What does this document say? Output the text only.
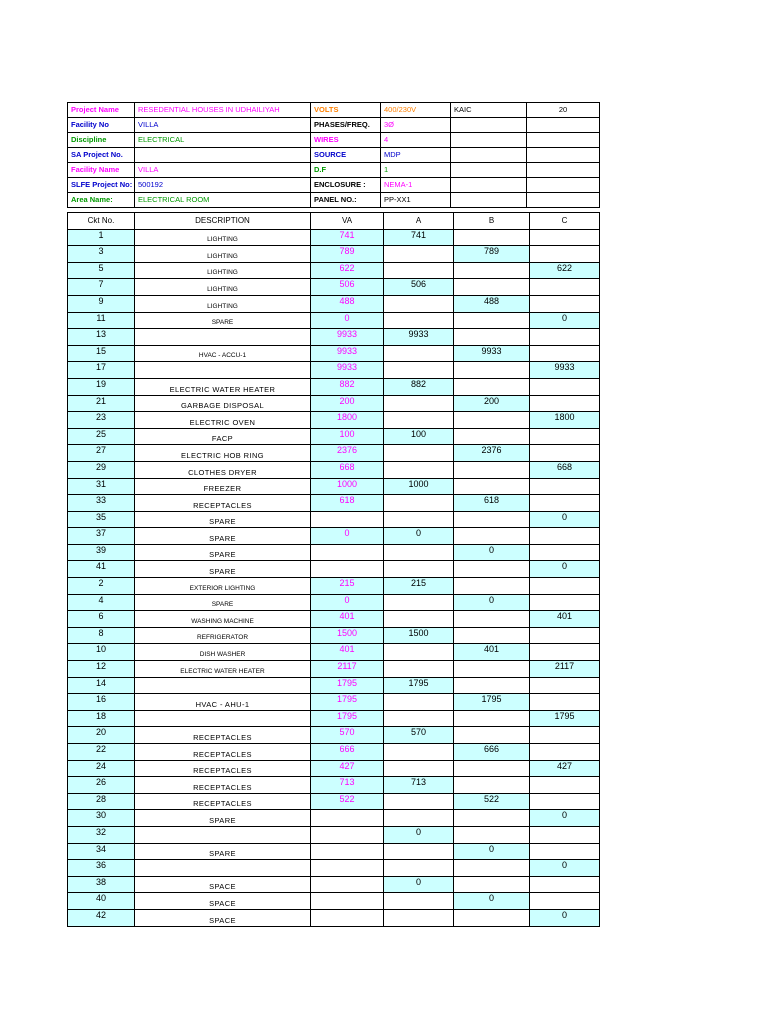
Project Name	RESEDENTIAL HOUSES IN UDHAILIYAH	VOLTS	400/230V	KAIC	20
Facility No	VILLA	PHASES/FREQ.	3Ø		
Discipline	ELECTRICAL	WIRES	4		
SA Project No.		SOURCE	MDP		
Facility Name	VILLA	D.F	1		
SLFE Project No:	500192	ENCLOSURE :	NEMA-1		
Area Name:	ELECTRICAL ROOM	PANEL NO.:	PP-XX1		
Ckt No.	DESCRIPTION	VA	A	B	C
1	LIGHTING	741	741		
3	LIGHTING	789		789	
5	LIGHTING	622			622
7	LIGHTING	506	506		
9	LIGHTING	488		488	
11	SPARE	0			0
13		9933	9933		
15	HVAC - ACCU-1	9933		9933	
17		9933			9933
19	ELECTRIC WATER HEATER	882	882		
21	GARBAGE DISPOSAL	200		200	
23	ELECTRIC OVEN	1800			1800
25	FACP	100	100		
27	ELECTRIC HOB RING	2376		2376	
29	CLOTHES DRYER	668			668
31	FREEZER	1000	1000		
33	RECEPTACLES	618		618	
35	SPARE				0
37	SPARE	0	0		
39	SPARE			0	
41	SPARE				0
2	EXTERIOR LIGHTING	215	215		
4	SPARE	0		0	
6	WASHING MACHINE	401			401
8	REFRIGERATOR	1500	1500		
10	DISH WASHER	401		401	
12	ELECTRIC WATER HEATER	2117			2117
14		1795	1795		
16	HVAC - AHU-1	1795		1795	
18		1795			1795
20	RECEPTACLES	570	570		
22	RECEPTACLES	666		666	
24	RECEPTACLES	427			427
26	RECEPTACLES	713	713		
28	RECEPTACLES	522		522	
30	SPARE				0
32			0		
34	SPARE			0	
36					0
38	SPACE		0		
40	SPACE			0	
42	SPACE				0
